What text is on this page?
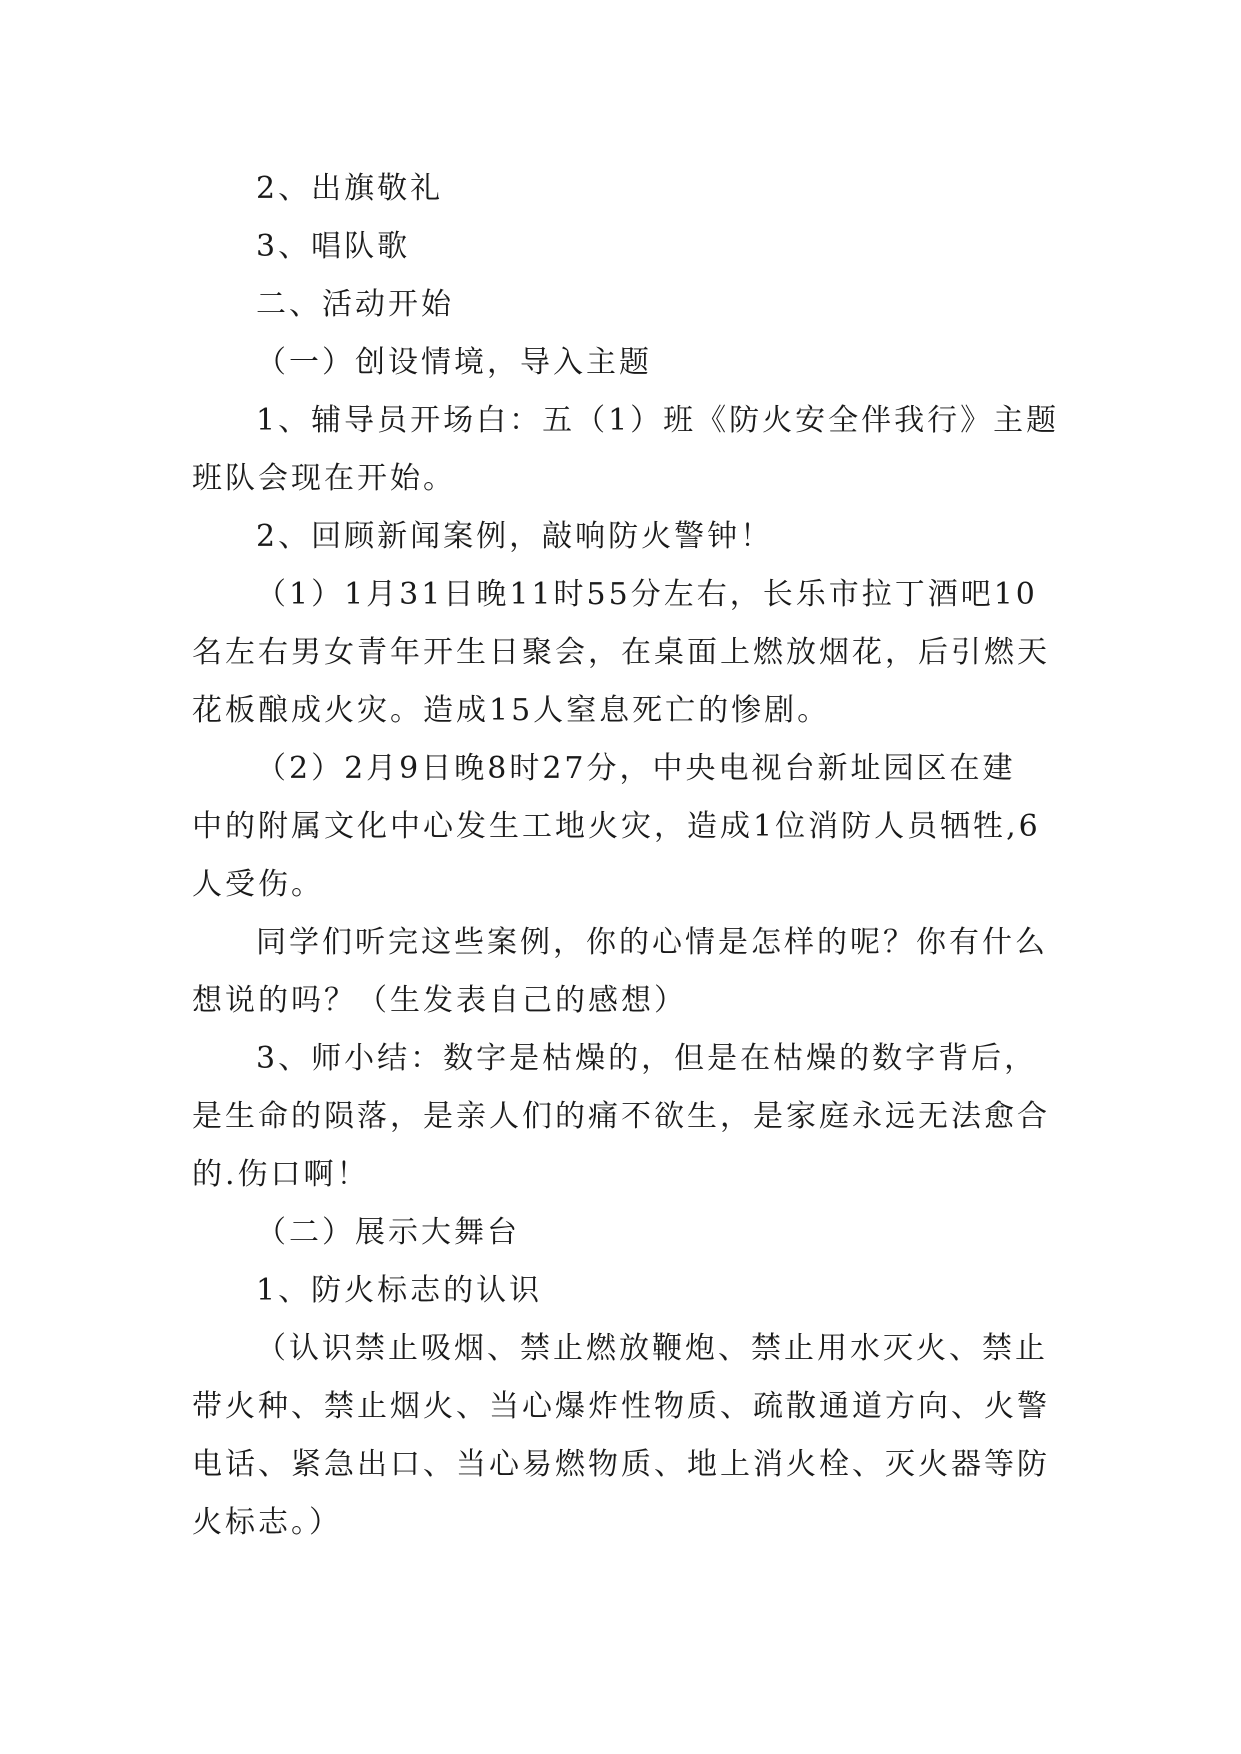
2、出旗敬礼
3、唱队歌
二、活动开始
（一）创设情境，导入主题
1、辅导员开场白：五（1）班《防火安全伴我行》主题
班队会现在开始。
2、回顾新闻案例，敲响防火警钟！
（1）1月31日晚11时55分左右，长乐市拉丁酒吧10
名左右男女青年开生日聚会，在桌面上燃放烟花，后引燃天
花板酿成火灾。造成15人窒息死亡的惨剧。
（2）2月9日晚8时27分，中央电视台新址园区在建
中的附属文化中心发生工地火灾，造成1位消防人员牺牲,6
人受伤。
同学们听完这些案例，你的心情是怎样的呢？你有什么
想说的吗？（生发表自己的感想）
3、师小结：数字是枯燥的，但是在枯燥的数字背后，
是生命的陨落，是亲人们的痛不欲生，是家庭永远无法愈合
的.伤口啊！
（二）展示大舞台
1、防火标志的认识
（认识禁止吸烟、禁止燃放鞭炮、禁止用水灭火、禁止
带火种、禁止烟火、当心爆炸性物质、疏散通道方向、火警
电话、紧急出口、当心易燃物质、地上消火栓、灭火器等防
火标志。）
